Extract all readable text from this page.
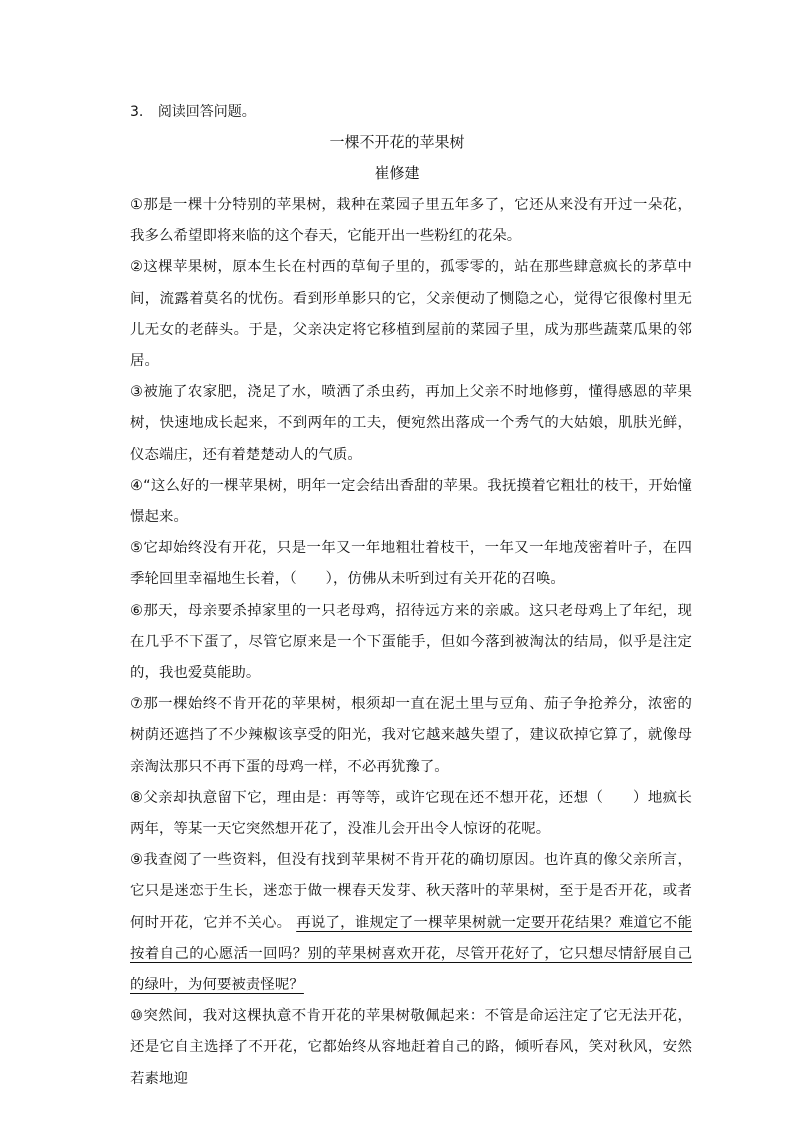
3. 阅读回答问题。
一棵不开花的苹果树
崔修建

①那是一棵十分特别的苹果树，栽种在菜园子里五年多了，它还从来没有开过一朵花，我多么希望即将来临的这个春天，它能开出一些粉红的花朵。

②这棵苹果树，原本生长在村西的草甸子里的，孤零零的，站在那些肆意疯长的茅草中间，流露着莫名的忧伤。看到形单影只的它，父亲便动了恻隐之心，觉得它很像村里无儿无女的老薛头。于是，父亲决定将它移植到屋前的菜园子里，成为那些蔬菜瓜果的邻居。

③被施了农家肥，浇足了水，喷洒了杀虫药，再加上父亲不时地修剪，懂得感恩的苹果树，快速地成长起来，不到两年的工夫，便宛然出落成一个秀气的大姑娘，肌肤光鲜，仪态端庄，还有着楚楚动人的气质。

④“这么好的一棵苹果树，明年一定会结出香甜的苹果。我抚摸着它粗壮的枝干，开始憧憬起来。

⑤它却始终没有开花，只是一年又一年地粗壮着枝干，一年又一年地茂密着叶子，在四季轮回里幸福地生长着，（　　），仿佛从未听到过有关开花的召唤。

⑥那天，母亲要杀掉家里的一只老母鸡，招待远方来的亲戚。这只老母鸡上了年纪，现在几乎不下蛋了，尽管它原来是一个下蛋能手，但如今落到被淘汰的结局，似乎是注定的，我也爱莫能助。

⑦那一棵始终不肯开花的苹果树，根须却一直在泥土里与豆角、茄子争抢养分，浓密的树荫还遮挡了不少辣椒该享受的阳光，我对它越来越失望了，建议砍掉它算了，就像母亲淘汰那只不再下蛋的母鸡一样，不必再犹豫了。

⑧父亲却执意留下它，理由是：再等等，或许它现在还不想开花，还想（　　）地疯长两年，等某一天它突然想开花了，没准儿会开出令人惊讶的花呢。

⑨我查阅了一些资料，但没有找到苹果树不肯开花的确切原因。也许真的像父亲所言，它只是迷恋于生长，迷恋于做一棵春天发芽、秋天落叶的苹果树，至于是否开花，或者何时开花，它并不关心。 再说了，谁规定了一棵苹果树就一定要开花结果？难道它不能按着自己的心愿活一回吗？别的苹果树喜欢开花，尽管开花好了，它只想尽情舒展自己的绿叶，为何要被责怪呢？

⑩突然间，我对这棵执意不肯开花的苹果树敬佩起来：不管是命运注定了它无法开花，还是它自主选择了不开花，它都始终从容地赶着自己的路，倾听春风，笑对秋风，安然若素地迎
